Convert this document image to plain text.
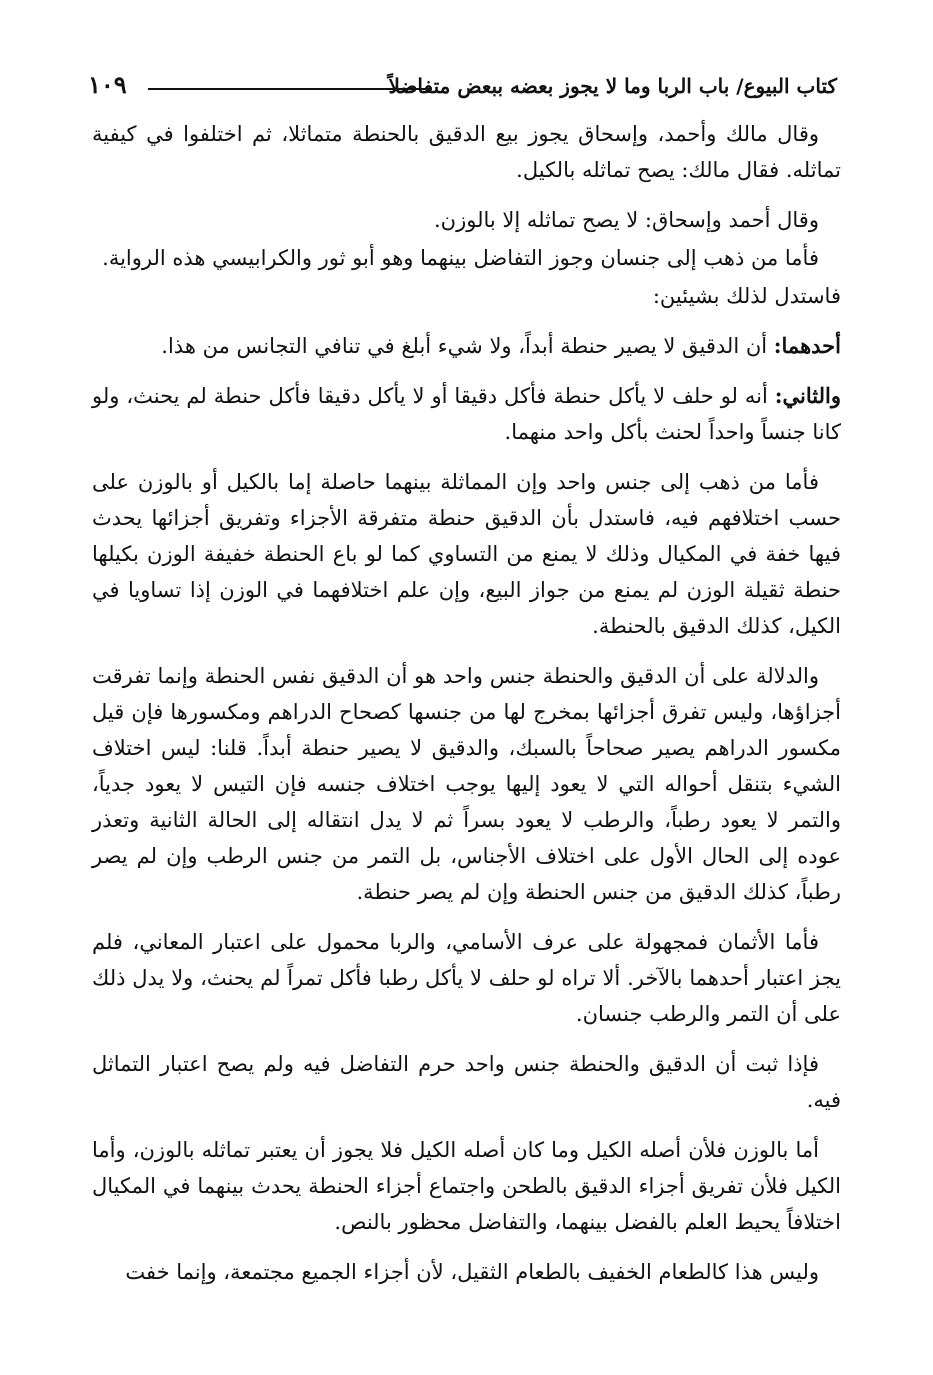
كتاب البيوع/ باب الربا وما لا يجوز بعضه ببعض متفاضلاً
١٠٩

وقال مالك وأحمد، وإسحاق يجوز بيع الدقيق بالحنطة متماثلا، ثم اختلفوا في كيفية تماثله. فقال مالك: يصح تماثله بالكيل.

وقال أحمد وإسحاق: لا يصح تماثله إلا بالوزن.

فأما من ذهب إلى جنسان وجوز التفاضل بينهما وهو أبو ثور والكرابيسي هذه الرواية.

فاستدل لذلك بشيئين:

أحدهما: أن الدقيق لا يصير حنطة أبداً، ولا شيء أبلغ في تنافي التجانس من هذا.

والثاني: أنه لو حلف لا يأكل حنطة فأكل دقيقا أو لا يأكل دقيقا فأكل حنطة لم يحنث، ولو كانا جنساً واحداً لحنث بأكل واحد منهما.

فأما من ذهب إلى جنس واحد وإن المماثلة بينهما حاصلة إما بالكيل أو بالوزن على حسب اختلافهم فيه، فاستدل بأن الدقيق حنطة متفرقة الأجزاء وتفريق أجزائها يحدث فيها خفة في المكيال وذلك لا يمنع من التساوي كما لو باع الحنطة خفيفة الوزن بكيلها حنطة ثقيلة الوزن لم يمنع من جواز البيع، وإن علم اختلافهما في الوزن إذا تساويا في الكيل، كذلك الدقيق بالحنطة.

والدلالة على أن الدقيق والحنطة جنس واحد هو أن الدقيق نفس الحنطة وإنما تفرقت أجزاؤها، وليس تفرق أجزائها بمخرج لها من جنسها كصحاح الدراهم ومكسورها فإن قيل مكسور الدراهم يصير صحاحاً بالسبك، والدقيق لا يصير حنطة أبداً. قلنا: ليس اختلاف الشيء بتنقل أحواله التي لا يعود إليها يوجب اختلاف جنسه فإن التيس لا يعود جدياً، والتمر لا يعود رطباً، والرطب لا يعود بسراً ثم لا يدل انتقاله إلى الحالة الثانية وتعذر عوده إلى الحال الأول على اختلاف الأجناس، بل التمر من جنس الرطب وإن لم يصر رطباً، كذلك الدقيق من جنس الحنطة وإن لم يصر حنطة.

فأما الأثمان فمجهولة على عرف الأسامي، والربا محمول على اعتبار المعاني، فلم يجز اعتبار أحدهما بالآخر. ألا تراه لو حلف لا يأكل رطبا فأكل تمراً لم يحنث، ولا يدل ذلك على أن التمر والرطب جنسان.

فإذا ثبت أن الدقيق والحنطة جنس واحد حرم التفاضل فيه ولم يصح اعتبار التماثل فيه.

أما بالوزن فلأن أصله الكيل وما كان أصله الكيل فلا يجوز أن يعتبر تماثله بالوزن، وأما الكيل فلأن تفريق أجزاء الدقيق بالطحن واجتماع أجزاء الحنطة يحدث بينهما في المكيال اختلافاً يحيط العلم بالفضل بينهما، والتفاضل محظور بالنص.

وليس هذا كالطعام الخفيف بالطعام الثقيل، لأن أجزاء الجميع مجتمعة، وإنما خفت
